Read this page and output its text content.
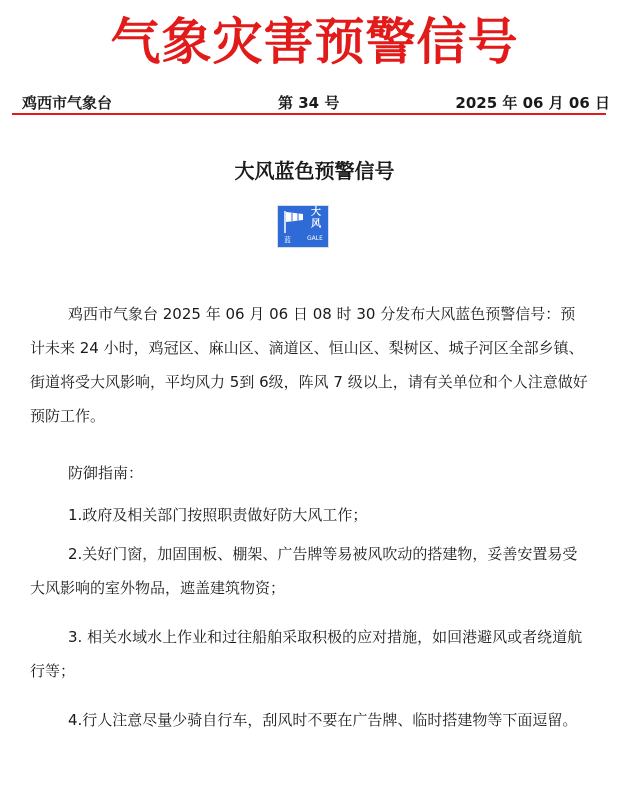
气象灾害预警信号
鸡西市气象台	第 34 号	2025 年 06 月 06 日
大风蓝色预警信号
大
风
蓝	GALE
鸡西市气象台 2025 年 06 月 06 日 08 时 30 分发布大风蓝色预警信号：预计未来 24 小时，鸡冠区、麻山区、滴道区、恒山区、梨树区、城子河区全部乡镇、街道将受大风影响，平均风力 5到 6级，阵风 7 级以上，请有关单位和个人注意做好预防工作。
防御指南：
1.政府及相关部门按照职责做好防大风工作；
2.关好门窗，加固围板、棚架、广告牌等易被风吹动的搭建物，妥善安置易受大风影响的室外物品，遮盖建筑物资；
3. 相关水域水上作业和过往船舶采取积极的应对措施，如回港避风或者绕道航行等；
4.行人注意尽量少骑自行车，刮风时不要在广告牌、临时搭建物等下面逗留。
